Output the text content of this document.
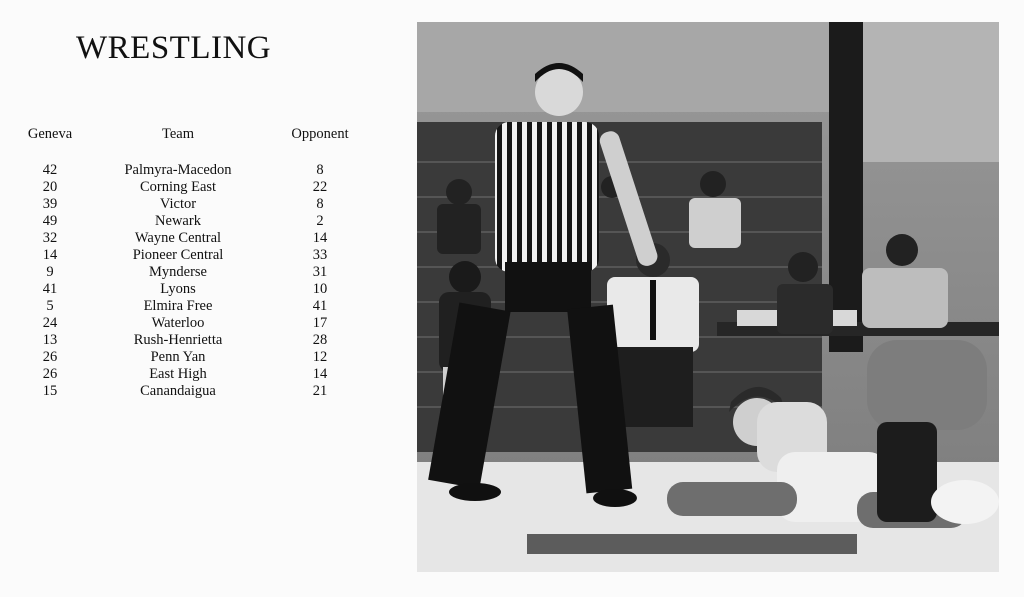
WRESTLING
Geneva	Team	Opponent
42	Palmyra-Macedon	8
20	Corning East	22
39	Victor	8
49	Newark	2
32	Wayne Central	14
14	Pioneer Central	33
9	Mynderse	31
41	Lyons	10
5	Elmira Free	41
24	Waterloo	17
13	Rush-Henrietta	28
26	Penn Yan	12
26	East High	14
15	Canandaigua	21
